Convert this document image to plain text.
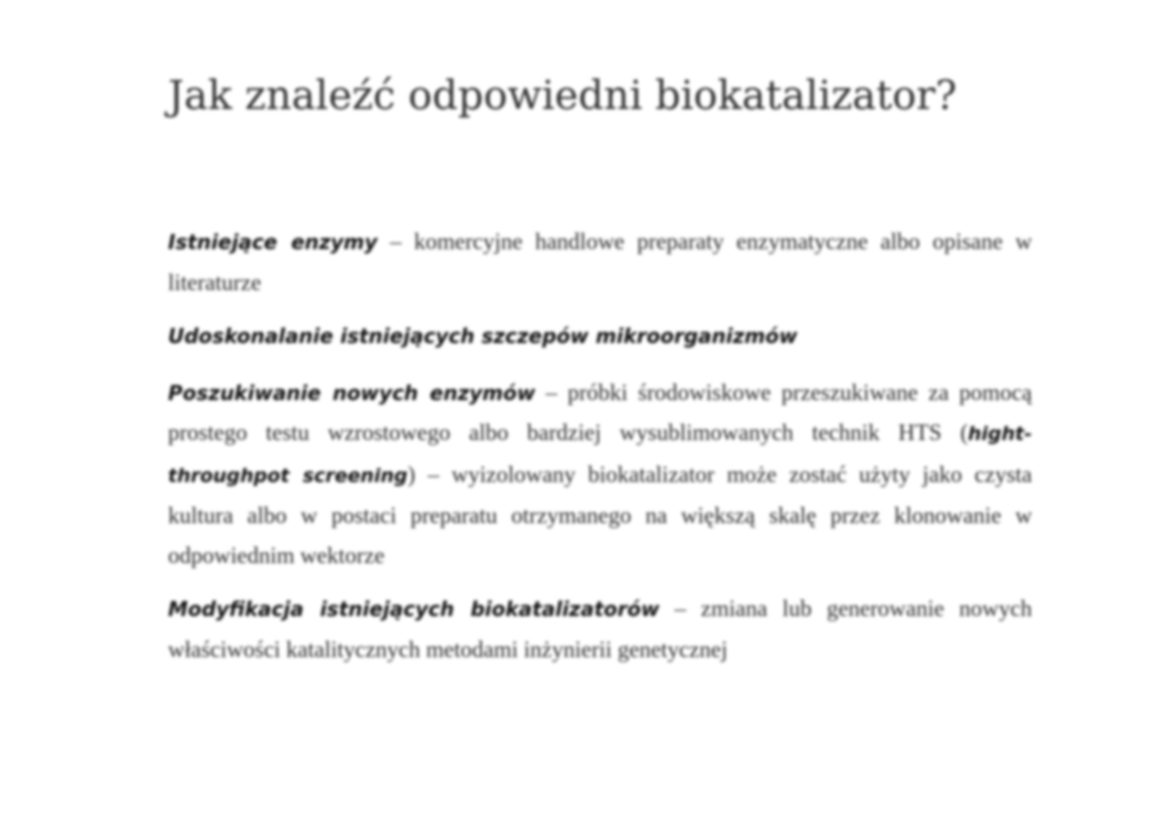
Jak znaleźć odpowiedni biokatalizator?

Istniejące enzymy – komercyjne handlowe preparaty enzymatyczne albo opisane w literaturze

Udoskonalanie istniejących szczepów mikroorganizmów

Poszukiwanie nowych enzymów – próbki środowiskowe przeszukiwane za pomocą prostego testu wzrostowego albo bardziej wysublimowanych technik HTS (hight-throughpot screening) – wyizolowany biokatalizator może zostać użyty jako czysta kultura albo w postaci preparatu otrzymanego na większą skalę przez klonowanie w odpowiednim wektorze

Modyfikacja istniejących biokatalizatorów – zmiana lub generowanie nowych właściwości katalitycznych metodami inżynierii genetycznej
